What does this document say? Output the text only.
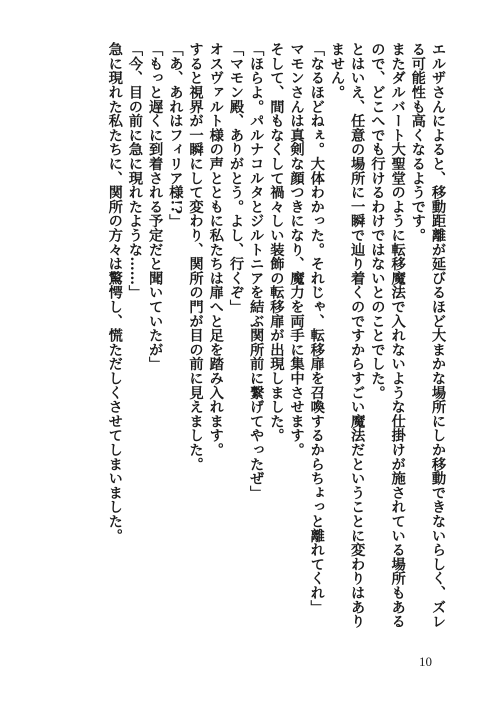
エルザさんによると、移動距離が延びるほど大まかな場所にしか移動できないらしく、ズレる可能性も高くなるようです。
またダルバート大聖堂のように転移魔法で入れないような仕掛けが施されている場所もあるので、どこへでも行けるわけではないとのことでした。
とはいえ、任意の場所に一瞬で辿り着くのですからすごい魔法だということに変わりはありません。
「なるほどねぇ。大体わかった。それじゃ、転移扉を召喚するからちょっと離れてくれ」
マモンさんは真剣な顔つきになり、魔力を両手に集中させます。
そして、間もなくして禍々しい装飾の転移扉が出現しました。
「ほらよ。パルナコルタとジルトニアを結ぶ関所前に繋げてやったぜ」
「マモン殿、ありがとう。よし、行くぞ」
オスヴァルト様の声とともに私たちは扉へと足を踏み入れます。
すると視界が一瞬にして変わり、関所の門が目の前に見えました。
「あ、あれはフィリア様!?」
「もっと遅くに到着される予定だと聞いていたが」
「今、目の前に急に現れたような……」
急に現れた私たちに、関所の方々は驚愕し、慌ただしくさせてしまいました。
10
